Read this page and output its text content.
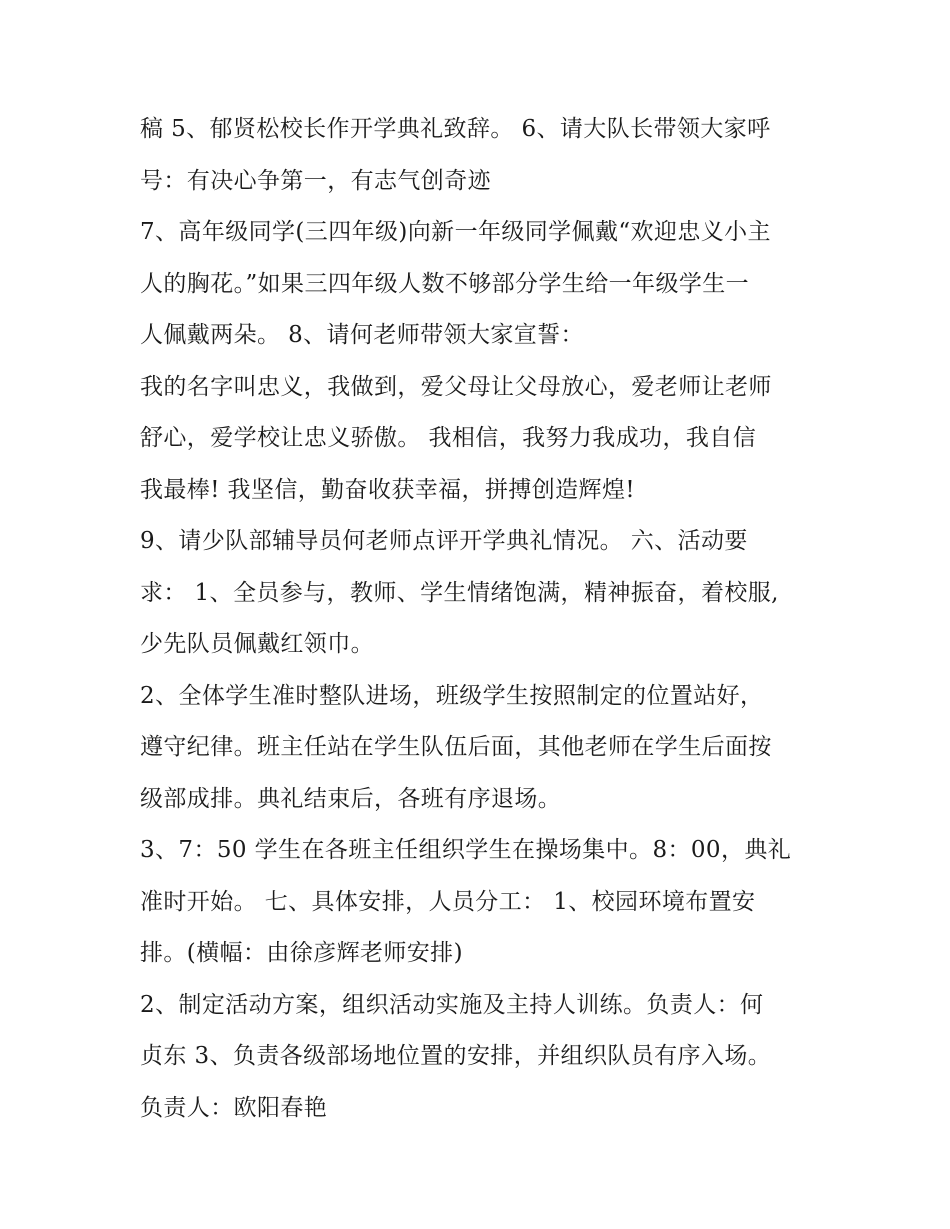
稿 5、郁贤松校长作开学典礼致辞。 6、请大队长带领大家呼
号：有决心争第一，有志气创奇迹
7、高年级同学(三四年级)向新一年级同学佩戴“欢迎忠义小主
人的胸花。”如果三四年级人数不够部分学生给一年级学生一
人佩戴两朵。 8、请何老师带领大家宣誓：
我的名字叫忠义，我做到，爱父母让父母放心，爱老师让老师
舒心，爱学校让忠义骄傲。 我相信，我努力我成功，我自信
我最棒! 我坚信，勤奋收获幸福，拼搏创造辉煌!
9、请少队部辅导员何老师点评开学典礼情况。 六、活动要
求： 1、全员参与，教师、学生情绪饱满，精神振奋，着校服,
少先队员佩戴红领巾。
2、全体学生准时整队进场，班级学生按照制定的位置站好，
遵守纪律。班主任站在学生队伍后面，其他老师在学生后面按
级部成排。典礼结束后，各班有序退场。
3、7：50 学生在各班主任组织学生在操场集中。8：00，典礼
准时开始。 七、具体安排，人员分工： 1、校园环境布置安
排。(横幅：由徐彦辉老师安排)
2、制定活动方案，组织活动实施及主持人训练。负责人：何
贞东 3、负责各级部场地位置的安排，并组织队员有序入场。
负责人：欧阳春艳
